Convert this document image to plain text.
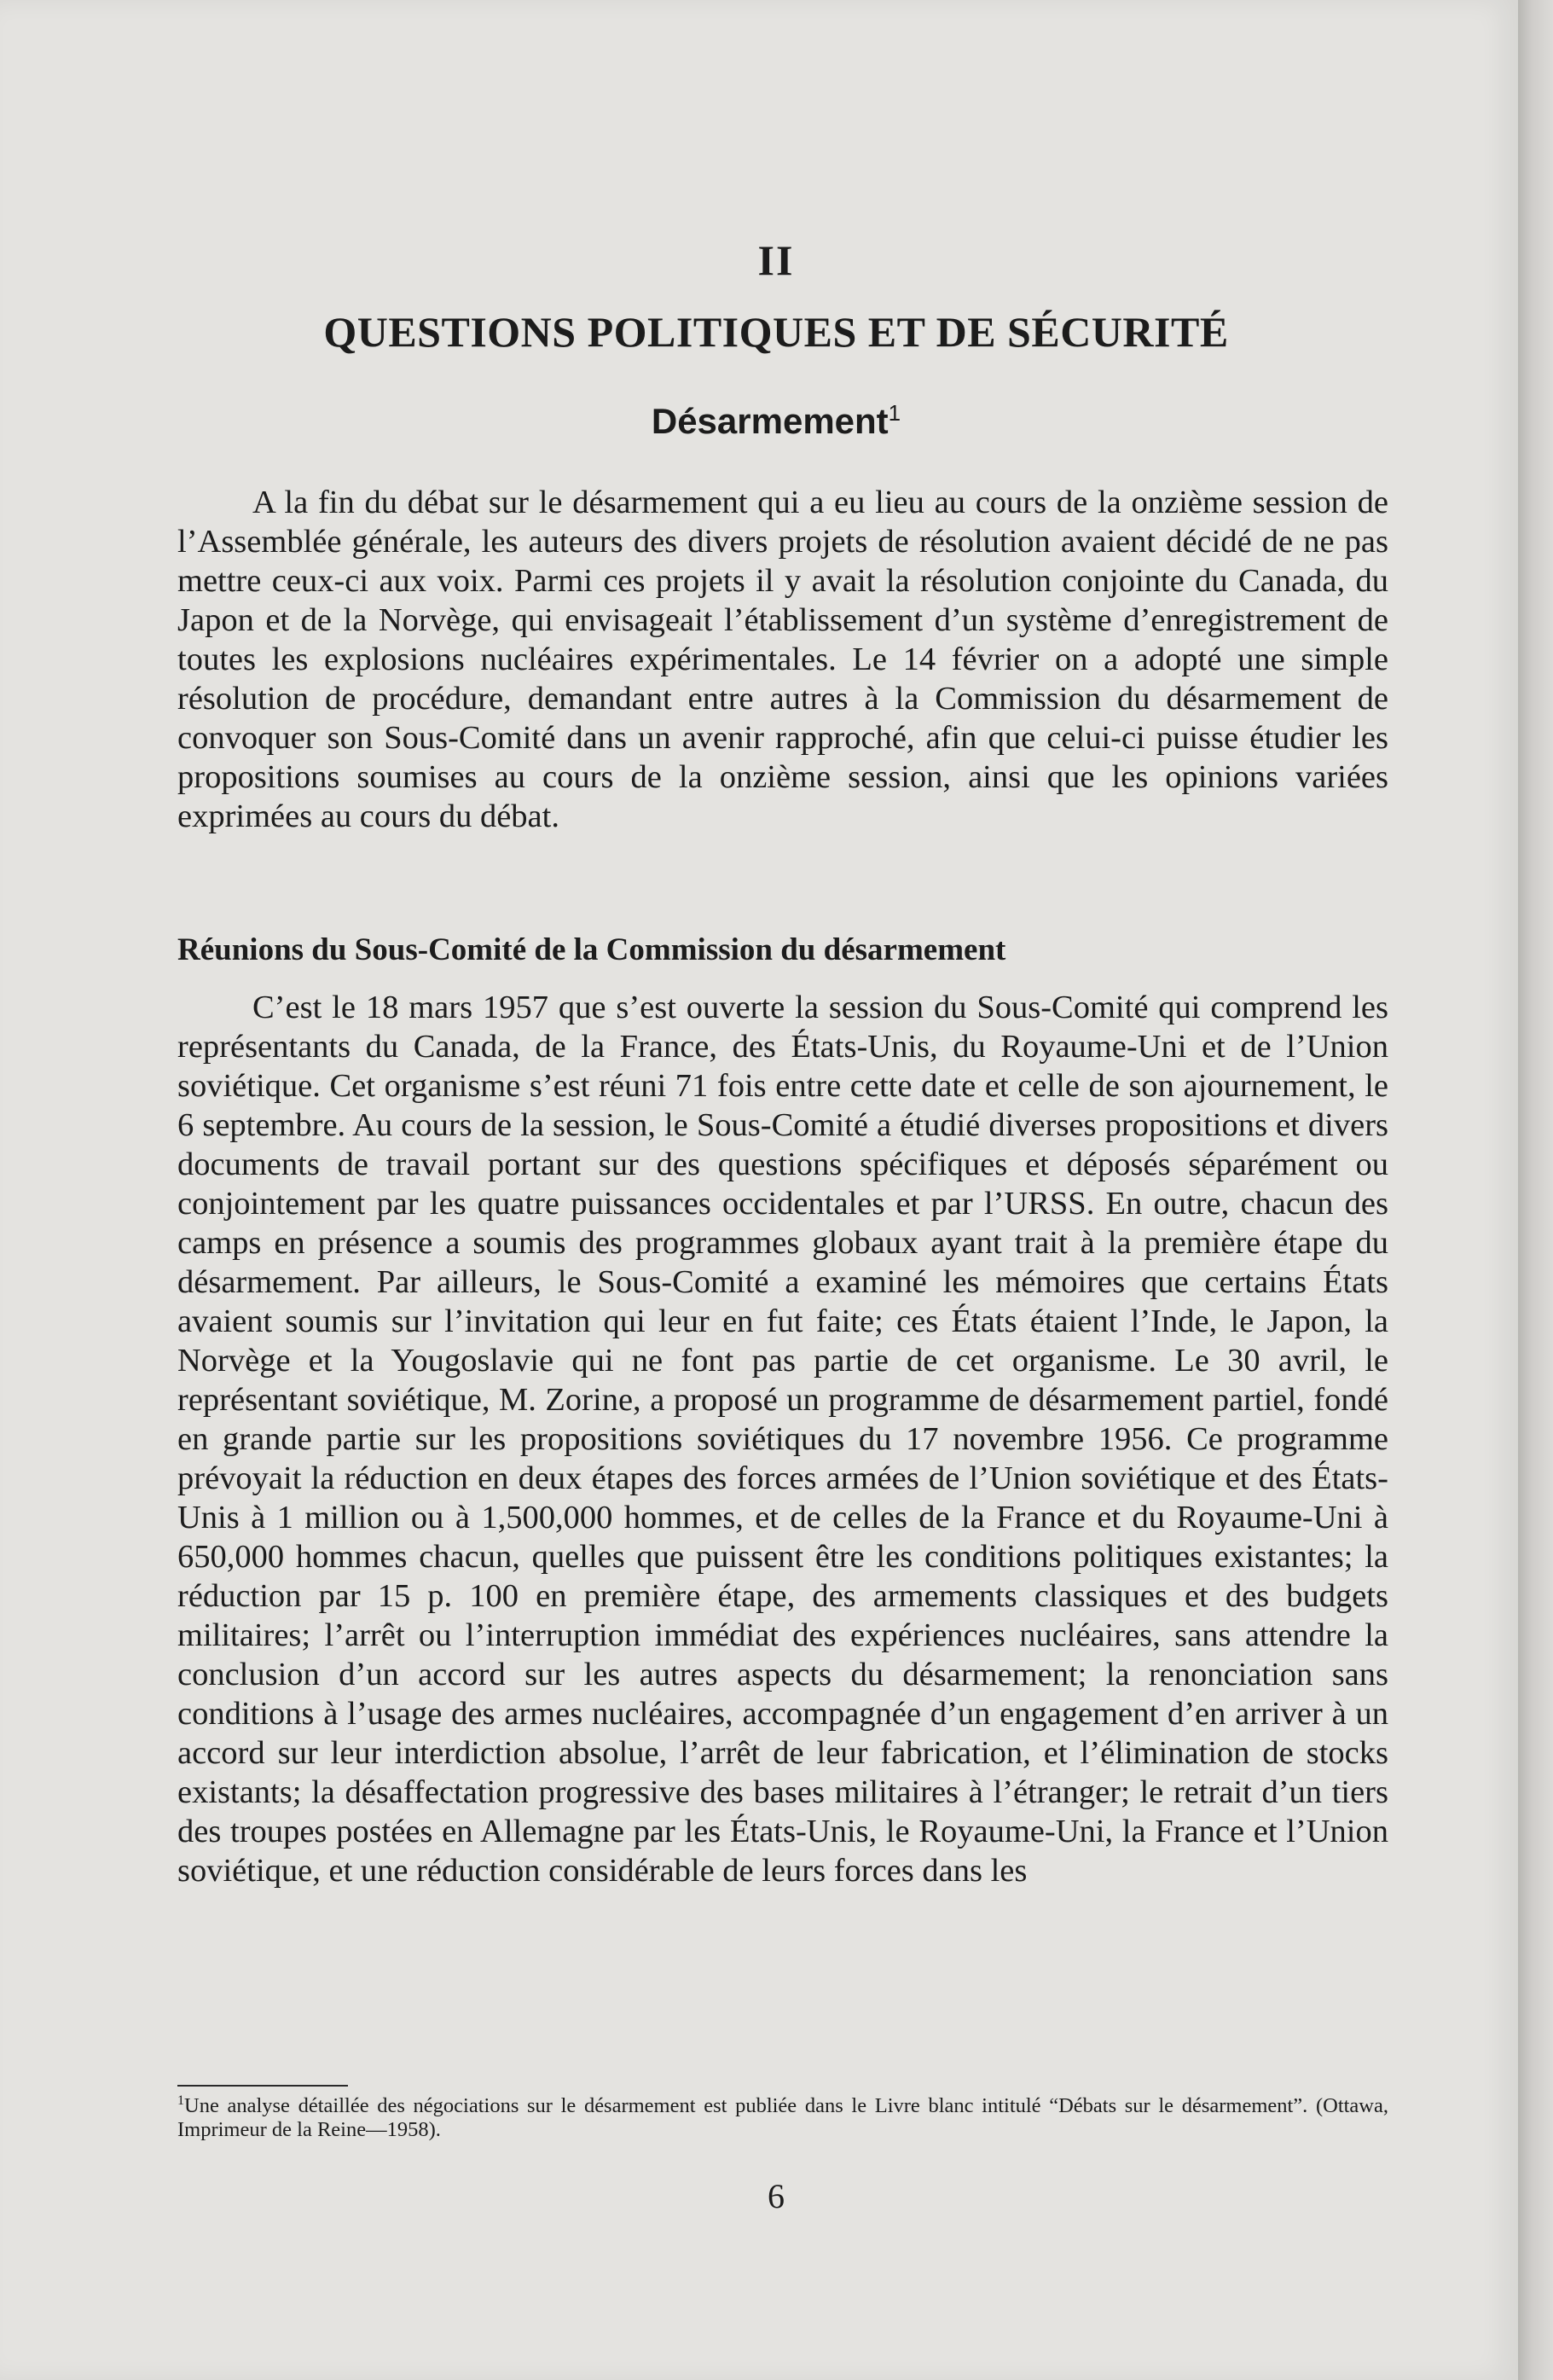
II
QUESTIONS POLITIQUES ET DE SÉCURITÉ
Désarmement$^1$

A la fin du débat sur le désarmement qui a eu lieu au cours de la onzième session de l’Assemblée générale, les auteurs des divers projets de résolution avaient décidé de ne pas mettre ceux-ci aux voix. Parmi ces projets il y avait la résolution conjointe du Canada, du Japon et de la Norvège, qui envisageait l’établissement d’un système d’enregistrement de toutes les explosions nucléaires expérimentales. Le 14 février on a adopté une simple résolution de procédure, demandant entre autres à la Commission du désarmement de convoquer son Sous-Comité dans un avenir rapproché, afin que celui-ci puisse étudier les propositions soumises au cours de la onzième session, ainsi que les opinions variées exprimées au cours du débat.

Réunions du Sous-Comité de la Commission du désarmement

C’est le 18 mars 1957 que s’est ouverte la session du Sous-Comité qui comprend les représentants du Canada, de la France, des États-Unis, du Royaume-Uni et de l’Union soviétique. Cet organisme s’est réuni 71 fois entre cette date et celle de son ajournement, le 6 septembre. Au cours de la session, le Sous-Comité a étudié diverses propositions et divers documents de travail portant sur des questions spécifiques et déposés séparément ou conjointement par les quatre puissances occidentales et par l’URSS. En outre, chacun des camps en présence a soumis des programmes globaux ayant trait à la première étape du désarmement. Par ailleurs, le Sous-Comité a examiné les mémoires que certains États avaient soumis sur l’invitation qui leur en fut faite; ces États étaient l’Inde, le Japon, la Norvège et la Yougoslavie qui ne font pas partie de cet organisme. Le 30 avril, le représentant soviétique, M. Zorine, a proposé un programme de désarmement partiel, fondé en grande partie sur les propositions soviétiques du 17 novembre 1956. Ce programme prévoyait la réduction en deux étapes des forces armées de l’Union soviétique et des États-Unis à 1 million ou à 1,500,000 hommes, et de celles de la France et du Royaume-Uni à 650,000 hommes chacun, quelles que puissent être les conditions politiques existantes; la réduction par 15 p. 100 en première étape, des armements classiques et des budgets militaires; l’arrêt ou l’interruption immédiat des expériences nucléaires, sans attendre la conclusion d’un accord sur les autres aspects du désarmement; la renonciation sans conditions à l’usage des armes nucléaires, accompagnée d’un engagement d’en arriver à un accord sur leur interdiction absolue, l’arrêt de leur fabrication, et l’élimination de stocks existants; la désaffectation progressive des bases militaires à l’étranger; le retrait d’un tiers des troupes postées en Allemagne par les États-Unis, le Royaume-Uni, la France et l’Union soviétique, et une réduction considérable de leurs forces dans les

$^1$Une analyse détaillée des négociations sur le désarmement est publiée dans le Livre blanc intitulé “Débats sur le désarmement”. (Ottawa, Imprimeur de la Reine—1958).

6
